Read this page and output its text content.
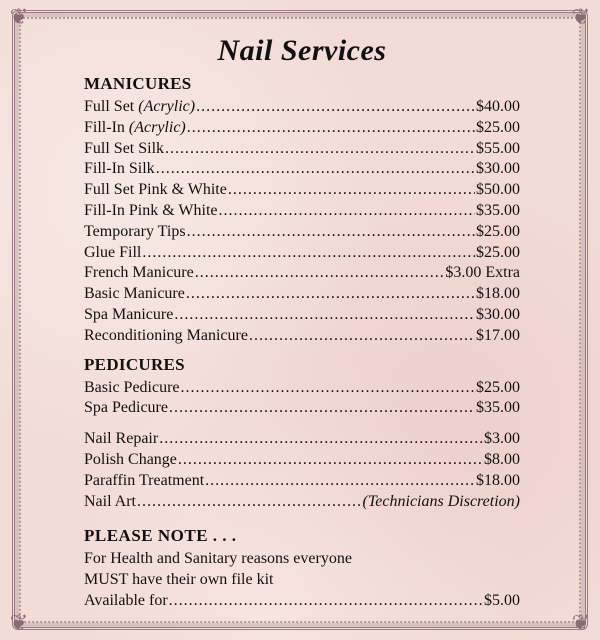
❦	❦
❦	❦
Nail Services
MANICURES
Full Set (Acrylic) .....	$40.00
Fill-In (Acrylic) .....	$25.00
Full Set Silk .....	$55.00
Fill-In Silk .....	$30.00
Full Set Pink & White .....	$50.00
Fill-In Pink & White .....	$35.00
Temporary Tips .....	$25.00
Glue Fill .....	$25.00
French Manicure .....	$3.00 Extra
Basic Manicure .....	$18.00
Spa Manicure .....	$30.00
Reconditioning Manicure .....	$17.00
PEDICURES
Basic Pedicure .....	$25.00
Spa Pedicure .....	$35.00
Nail Repair .....	$3.00
Polish Change .....	$8.00
Paraffin Treatment .....	$18.00
Nail Art .....	(Technicians Discretion)
PLEASE NOTE . . .
For Health and Sanitary reasons everyone
MUST have their own file kit
Available for .....	$5.00
